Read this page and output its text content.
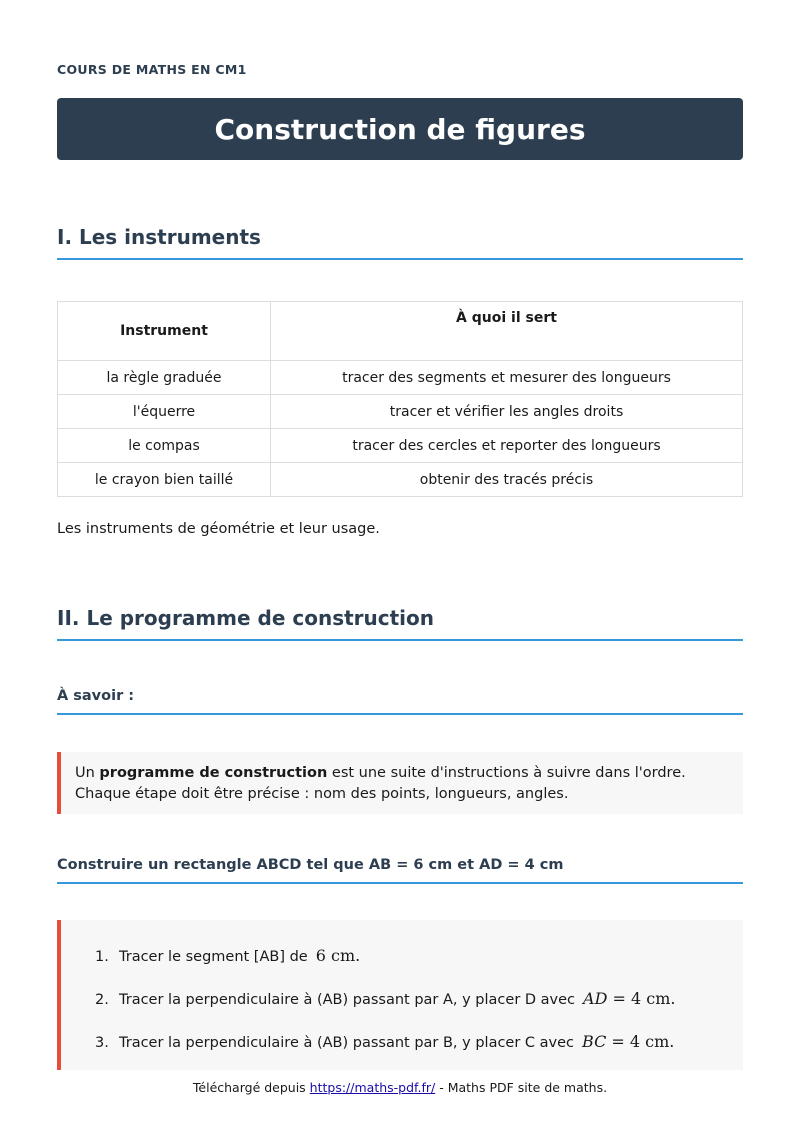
COURS DE MATHS EN CM1
Construction de figures
I. Les instruments
Instrument	À quoi il sert
la règle graduée	tracer des segments et mesurer des longueurs
l'équerre	tracer et vérifier les angles droits
le compas	tracer des cercles et reporter des longueurs
le crayon bien taillé	obtenir des tracés précis
Les instruments de géométrie et leur usage.
II. Le programme de construction
À savoir :
Un programme de construction est une suite d'instructions à suivre dans l'ordre.
Chaque étape doit être précise : nom des points, longueurs, angles.
Construire un rectangle ABCD tel que AB = 6 cm et AD = 4 cm
1. Tracer le segment [AB] de 6 cm.
2. Tracer la perpendiculaire à (AB) passant par A, y placer D avec AD = 4 cm.
3. Tracer la perpendiculaire à (AB) passant par B, y placer C avec BC = 4 cm.
Téléchargé depuis https://maths-pdf.fr/ - Maths PDF site de maths.
